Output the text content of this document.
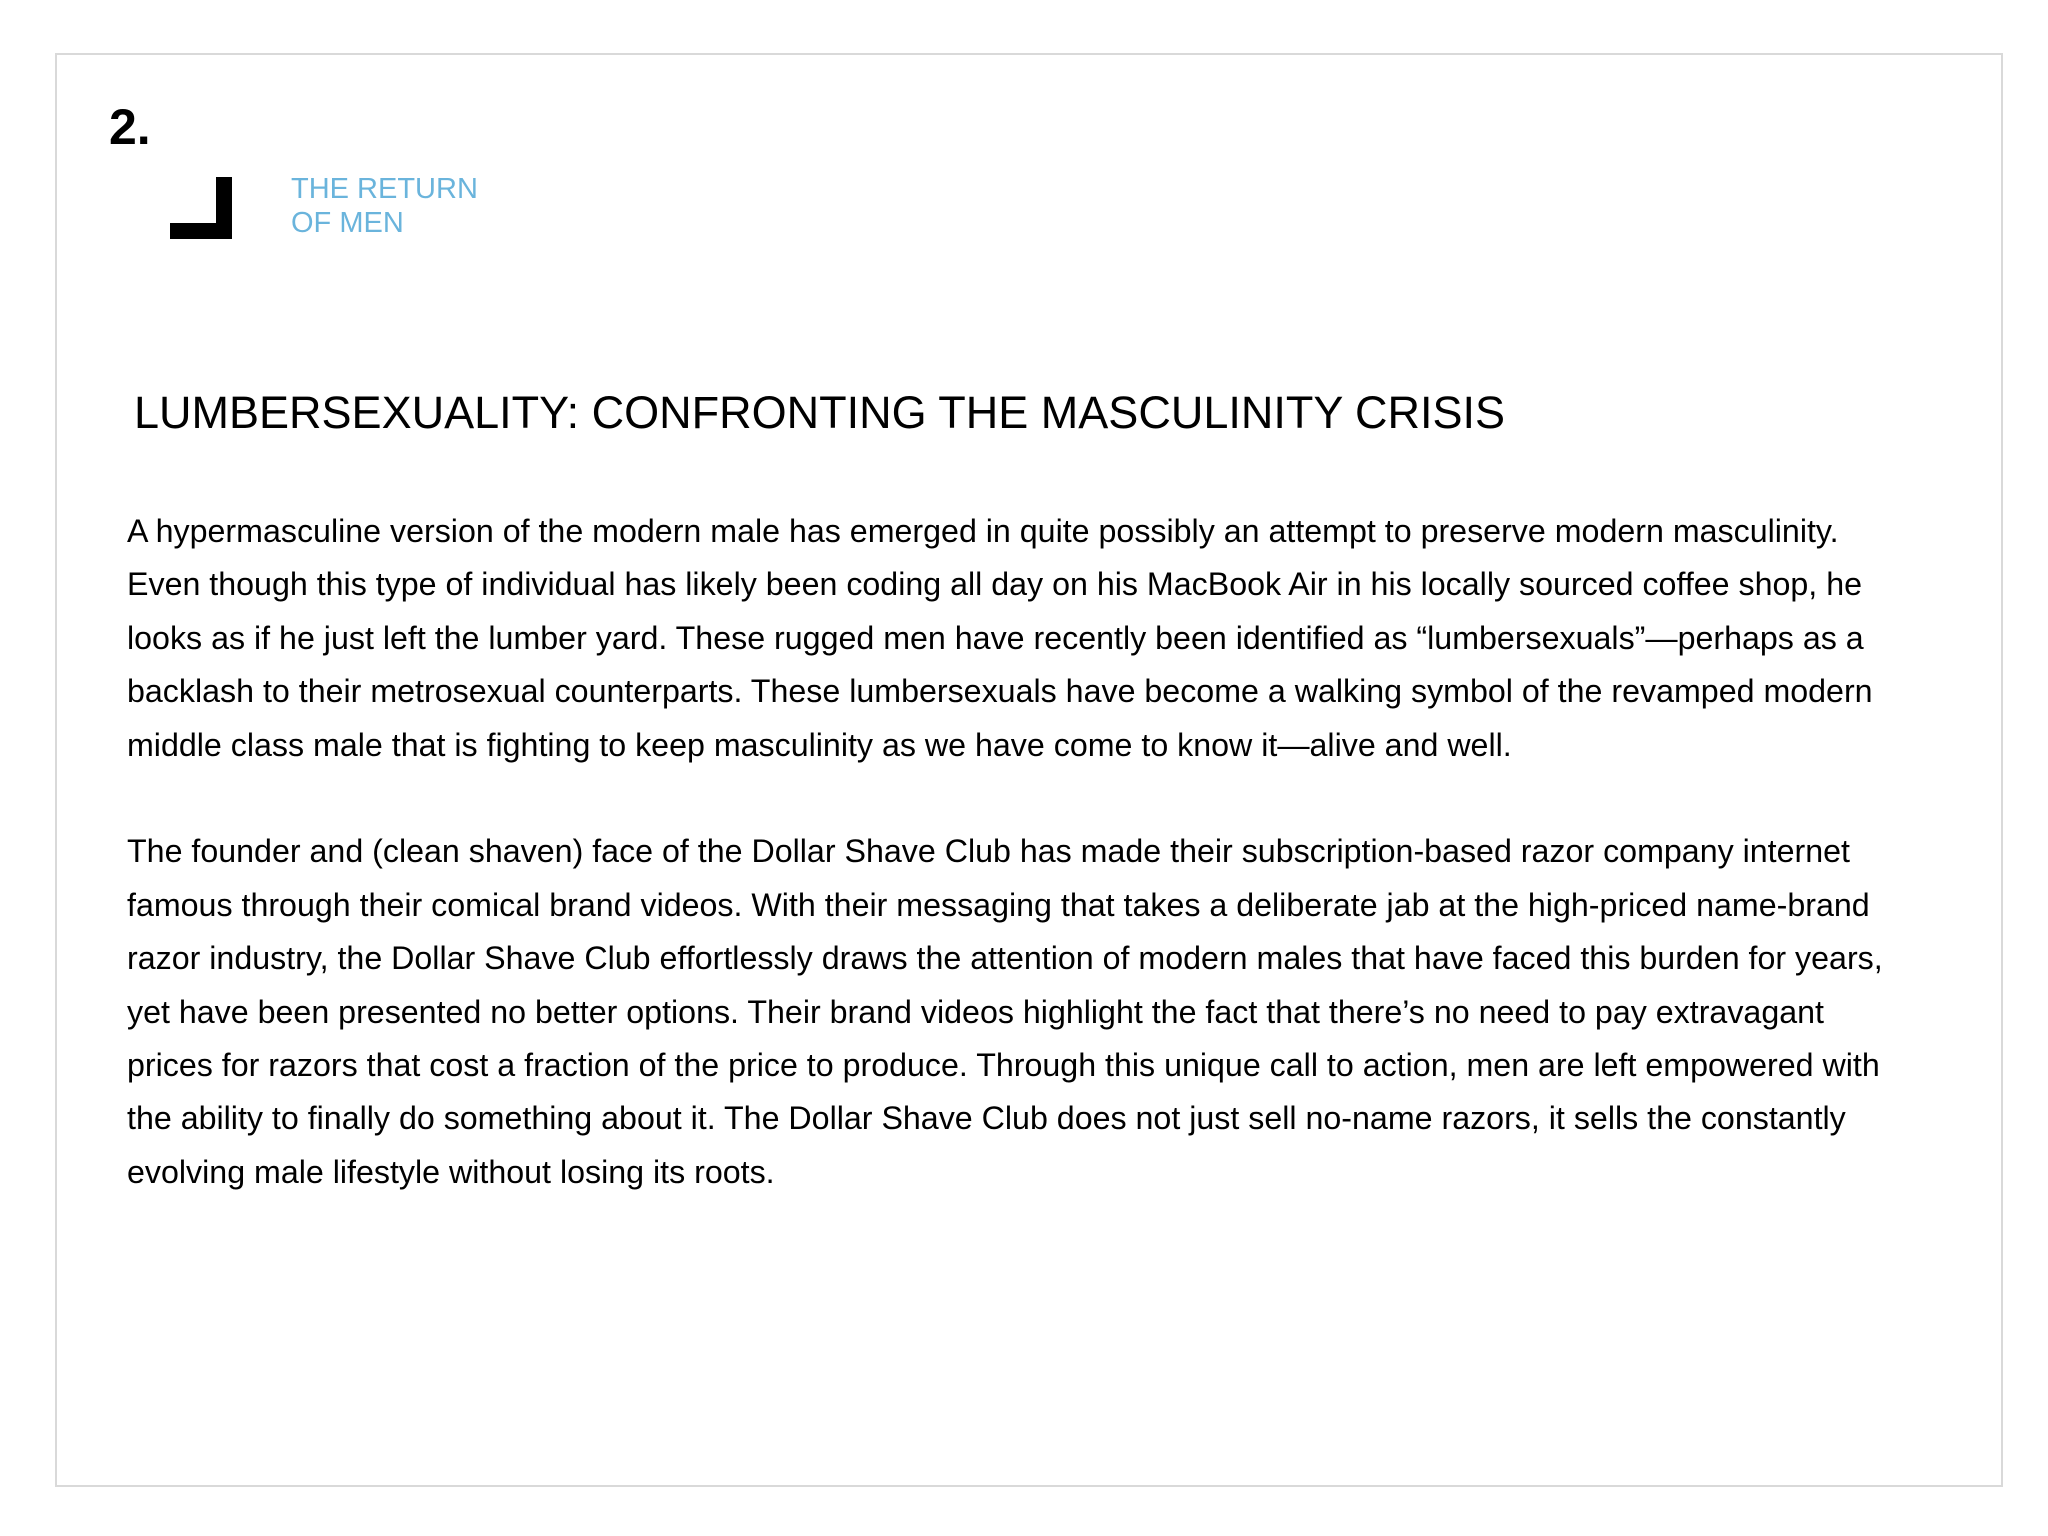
2.
THE RETURN
OF MEN
LUMBERSEXUALITY: CONFRONTING THE MASCULINITY CRISIS

A hypermasculine version of the modern male has emerged in quite possibly an attempt to preserve modern masculinity. Even though this type of individual has likely been coding all day on his MacBook Air in his locally sourced coffee shop, he looks as if he just left the lumber yard. These rugged men have recently been identified as “lumbersexuals”—perhaps as a backlash to their metrosexual counterparts. These lumbersexuals have become a walking symbol of the revamped modern middle class male that is fighting to keep masculinity as we have come to know it—alive and well.

The founder and (clean shaven) face of the Dollar Shave Club has made their subscription-based razor company internet famous through their comical brand videos. With their messaging that takes a deliberate jab at the high-priced name-brand razor industry, the Dollar Shave Club effortlessly draws the attention of modern males that have faced this burden for years, yet have been presented no better options. Their brand videos highlight the fact that there’s no need to pay extravagant prices for razors that cost a fraction of the price to produce. Through this unique call to action, men are left empowered with the ability to finally do something about it. The Dollar Shave Club does not just sell no-name razors, it sells the constantly evolving male lifestyle without losing its roots.
